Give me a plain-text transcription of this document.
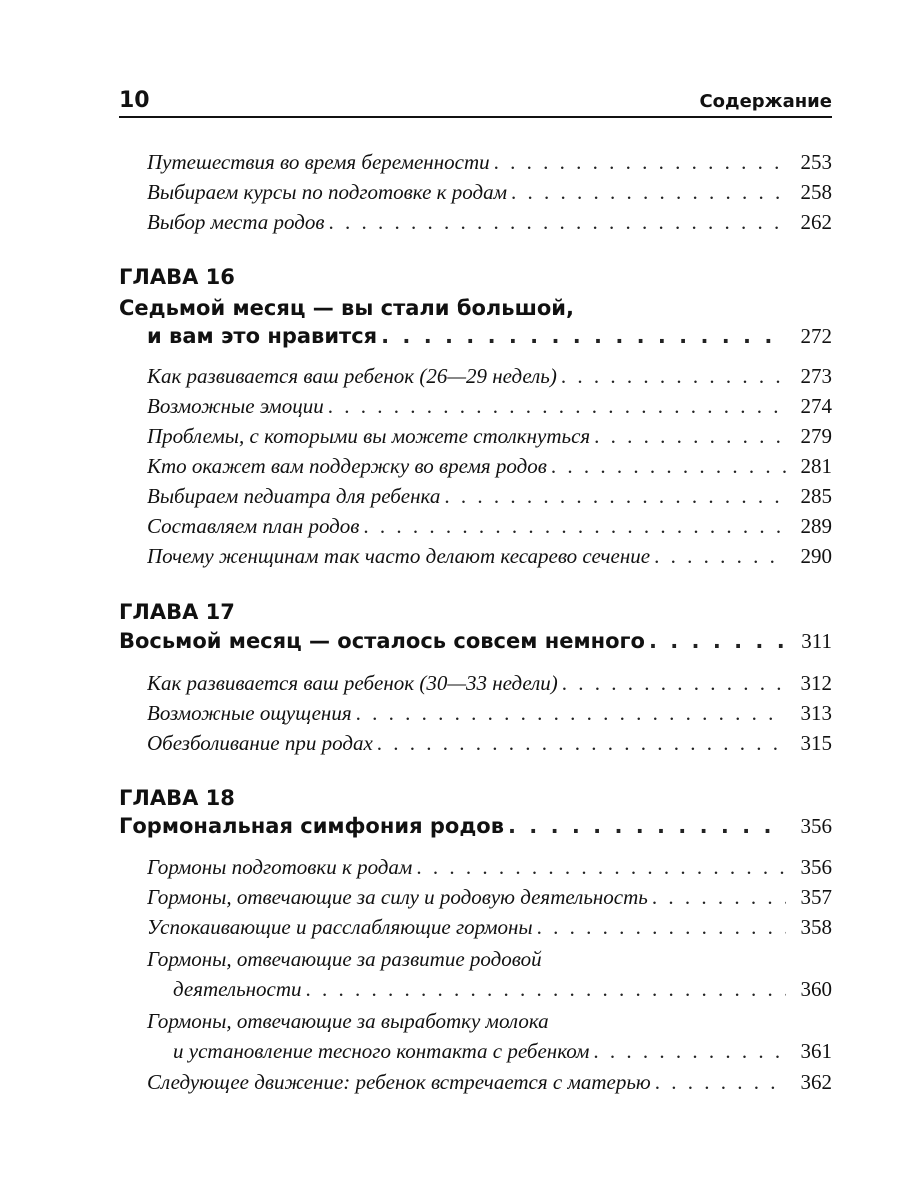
10	Содержание
Путешествия во время беременности . . .	253
Выбираем курсы по подготовке к родам . . .	258
Выбор места родов . . .	262
ГЛАВА 16
Седьмой месяц — вы стали большой,
и вам это нравится . . .	272
Как развивается ваш ребенок (26—29 недель) . . .	273
Возможные эмоции . . .	274
Проблемы, с которыми вы можете столкнуться . . .	279
Кто окажет вам поддержку во время родов . . .	281
Выбираем педиатра для ребенка . . .	285
Составляем план родов . . .	289
Почему женщинам так часто делают кесарево сечение . . .	290
ГЛАВА 17
Восьмой месяц — осталось совсем немного . . .	311
Как развивается ваш ребенок (30—33 недели) . . .	312
Возможные ощущения . . .	313
Обезболивание при родах . . .	315
ГЛАВА 18
Гормональная симфония родов . . .	356
Гормоны подготовки к родам . . .	356
Гормоны, отвечающие за силу и родовую деятельность . . .	357
Успокаивающие и расслабляющие гормоны . . .	358
Гормоны, отвечающие за развитие родовой
деятельности . . .	360
Гормоны, отвечающие за выработку молока
и установление тесного контакта с ребенком . . .	361
Следующее движение: ребенок встречается с матерью . . .	362
